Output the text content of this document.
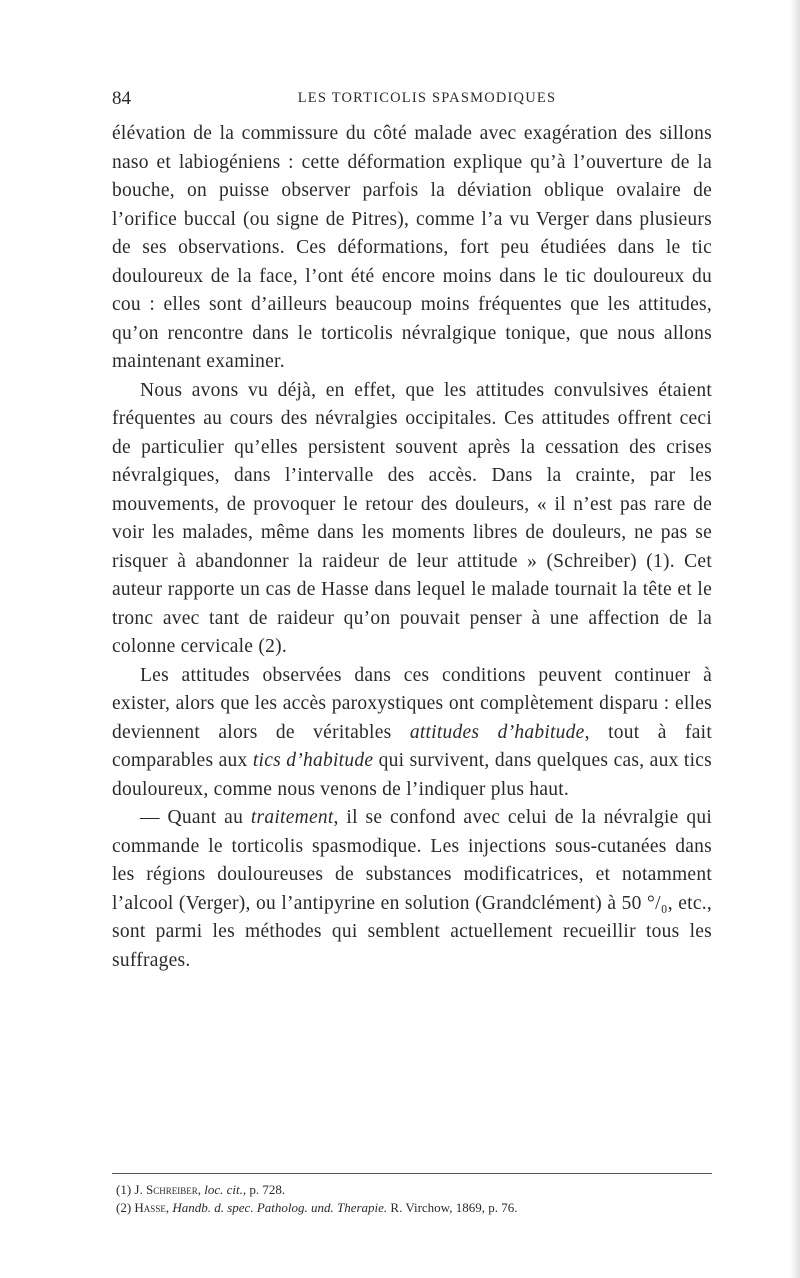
84	LES TORTICOLIS SPASMODIQUES

élévation de la commissure du côté malade avec exagération des sillons naso et labiogéniens : cette déformation explique qu’à l’ouverture de la bouche, on puisse observer parfois la déviation oblique ovalaire de l’orifice buccal (ou signe de Pitres), comme l’a vu Verger dans plusieurs de ses observations. Ces déformations, fort peu étudiées dans le tic douloureux de la face, l’ont été encore moins dans le tic douloureux du cou : elles sont d’ailleurs beaucoup moins fréquentes que les attitudes, qu’on rencontre dans le torticolis névralgique tonique, que nous allons maintenant examiner.

Nous avons vu déjà, en effet, que les attitudes convulsives étaient fréquentes au cours des névralgies occipitales. Ces attitudes offrent ceci de particulier qu’elles persistent souvent après la cessation des crises névralgiques, dans l’intervalle des accès. Dans la crainte, par les mouvements, de provoquer le retour des douleurs, « il n’est pas rare de voir les malades, même dans les moments libres de douleurs, ne pas se risquer à abandonner la raideur de leur attitude » (Schreiber) (1). Cet auteur rapporte un cas de Hasse dans lequel le malade tournait la tête et le tronc avec tant de raideur qu’on pouvait penser à une affection de la colonne cervicale (2).

Les attitudes observées dans ces conditions peuvent continuer à exister, alors que les accès paroxystiques ont complètement disparu : elles deviennent alors de véritables attitudes d’habitude, tout à fait comparables aux tics d’habitude qui survivent, dans quelques cas, aux tics douloureux, comme nous venons de l’indiquer plus haut.

— Quant au traitement, il se confond avec celui de la névralgie qui commande le torticolis spasmodique. Les injections sous-cutanées dans les régions douloureuses de substances modificatrices, et notamment l’alcool (Verger), ou l’antipyrine en solution (Grandclément) à 50 °/₀, etc., sont parmi les méthodes qui semblent actuellement recueillir tous les suffrages.

(1) J. Schreiber, loc. cit., p. 728.
(2) Hasse, Handb. d. spec. Patholog. und. Therapie. R. Virchow, 1869, p. 76.
